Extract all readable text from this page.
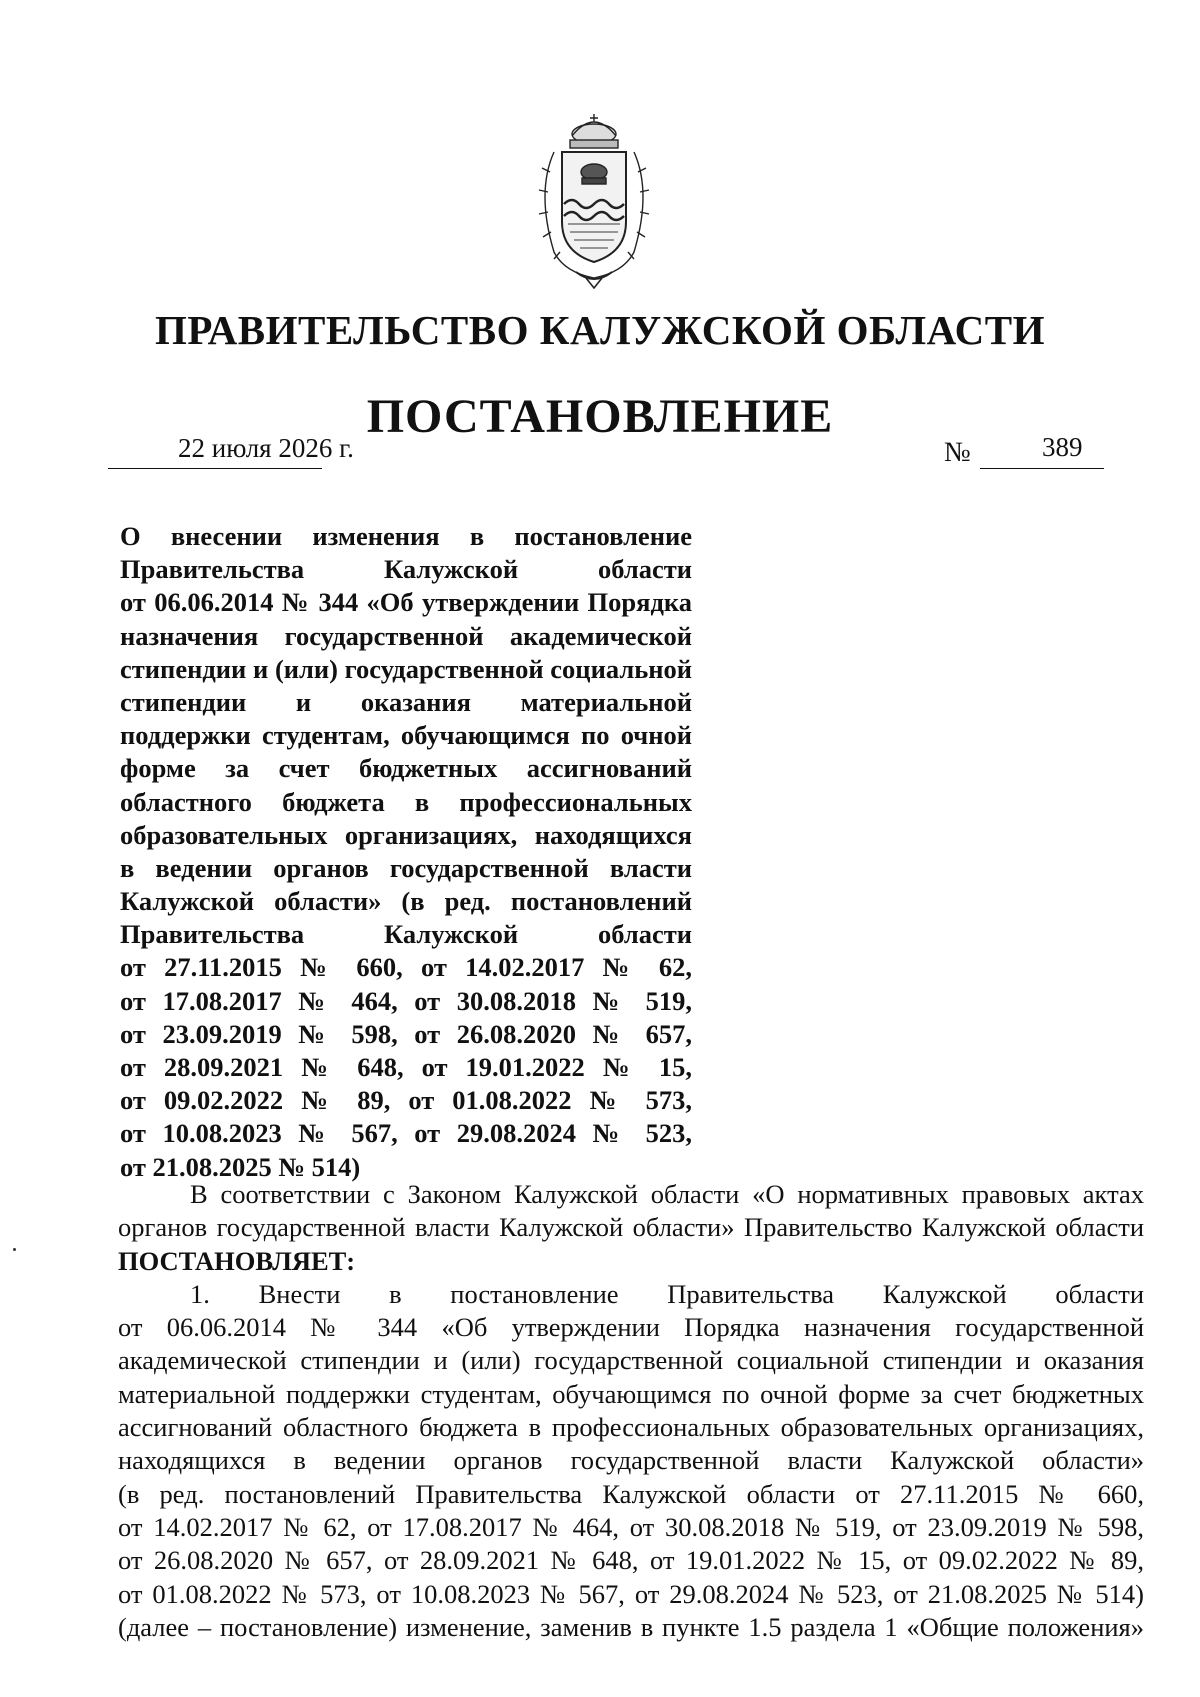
ПРАВИТЕЛЬСТВО КАЛУЖСКОЙ ОБЛАСТИ
ПОСТАНОВЛЕНИЕ
22 июля 2026 г.	№	389
О внесении изменения в постановление
Правительства Калужской области
от 06.06.2014 № 344 «Об утверждении Порядка
назначения государственной академической
стипендии и (или) государственной социальной
стипендии и оказания материальной
поддержки студентам, обучающимся по очной
форме за счет бюджетных ассигнований
областного бюджета в профессиональных
образовательных организациях, находящихся
в ведении органов государственной власти
Калужской области» (в ред. постановлений
Правительства Калужской области
от 27.11.2015 № 660, от 14.02.2017 № 62,
от 17.08.2017 № 464, от 30.08.2018 № 519,
от 23.09.2019 № 598, от 26.08.2020 № 657,
от 28.09.2021 № 648, от 19.01.2022 № 15,
от 09.02.2022 № 89, от 01.08.2022 № 573,
от 10.08.2023 № 567, от 29.08.2024 № 523,
от 21.08.2025 № 514)
В соответствии с Законом Калужской области «О нормативных правовых актах
органов государственной власти Калужской области» Правительство Калужской области
ПОСТАНОВЛЯЕТ:
1. Внести в постановление Правительства Калужской области
от 06.06.2014 № 344 «Об утверждении Порядка назначения государственной
академической стипендии и (или) государственной социальной стипендии и оказания
материальной поддержки студентам, обучающимся по очной форме за счет бюджетных
ассигнований областного бюджета в профессиональных образовательных организациях,
находящихся в ведении органов государственной власти Калужской области»
(в ред. постановлений Правительства Калужской области от 27.11.2015 № 660,
от 14.02.2017 № 62, от 17.08.2017 № 464, от 30.08.2018 № 519, от 23.09.2019 № 598,
от 26.08.2020 № 657, от 28.09.2021 № 648, от 19.01.2022 № 15, от 09.02.2022 № 89,
от 01.08.2022 № 573, от 10.08.2023 № 567, от 29.08.2024 № 523, от 21.08.2025 № 514)
(далее – постановление) изменение, заменив в пункте 1.5 раздела 1 «Общие положения»
